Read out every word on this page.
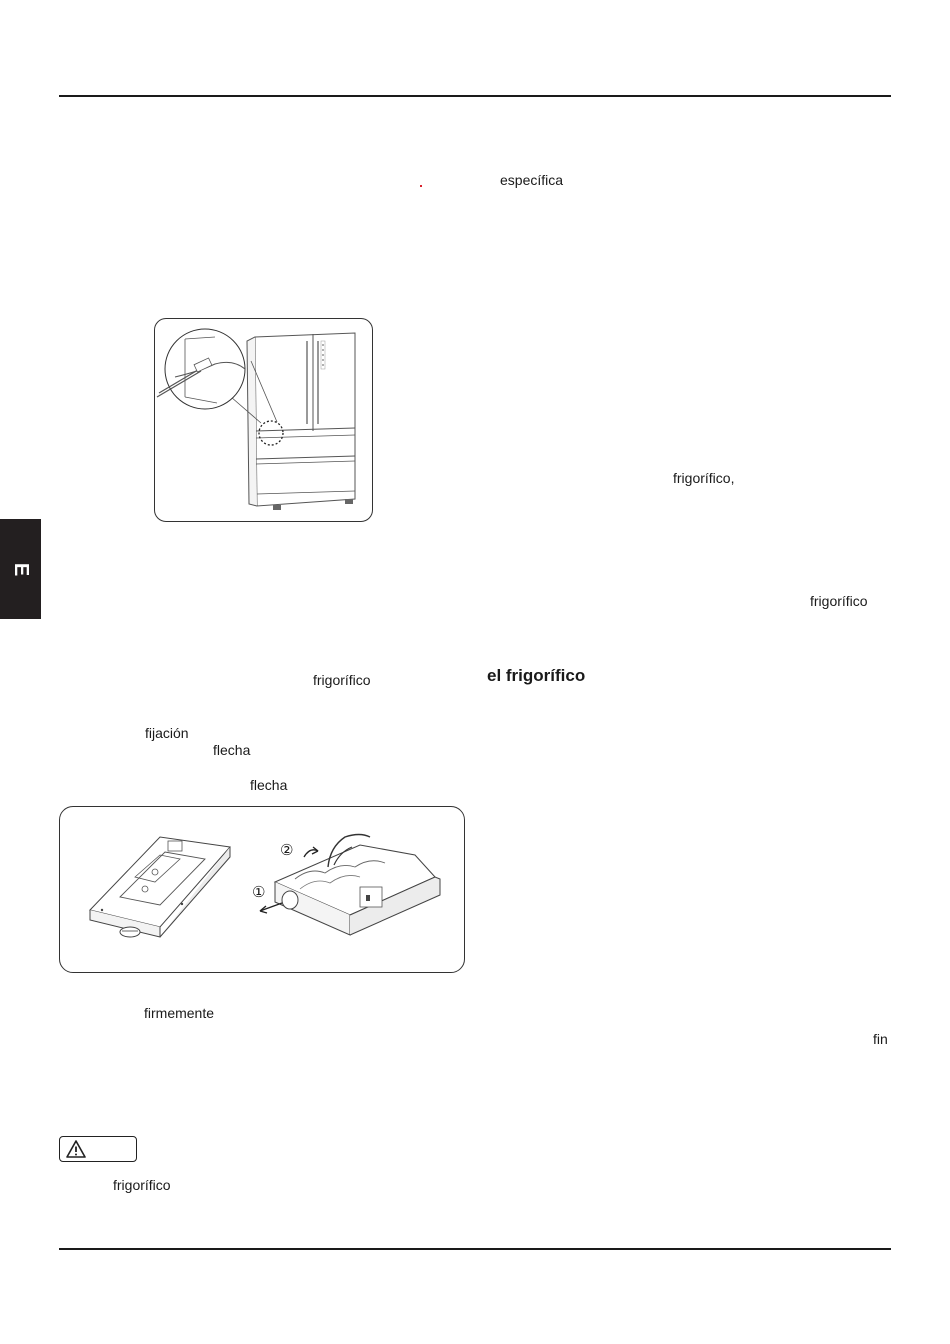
E
específica
frigorífico,
frigorífico
el frigorífico
fin
frigorífico
fijación
flecha
flecha
firmemente
frigorífico
②
①
